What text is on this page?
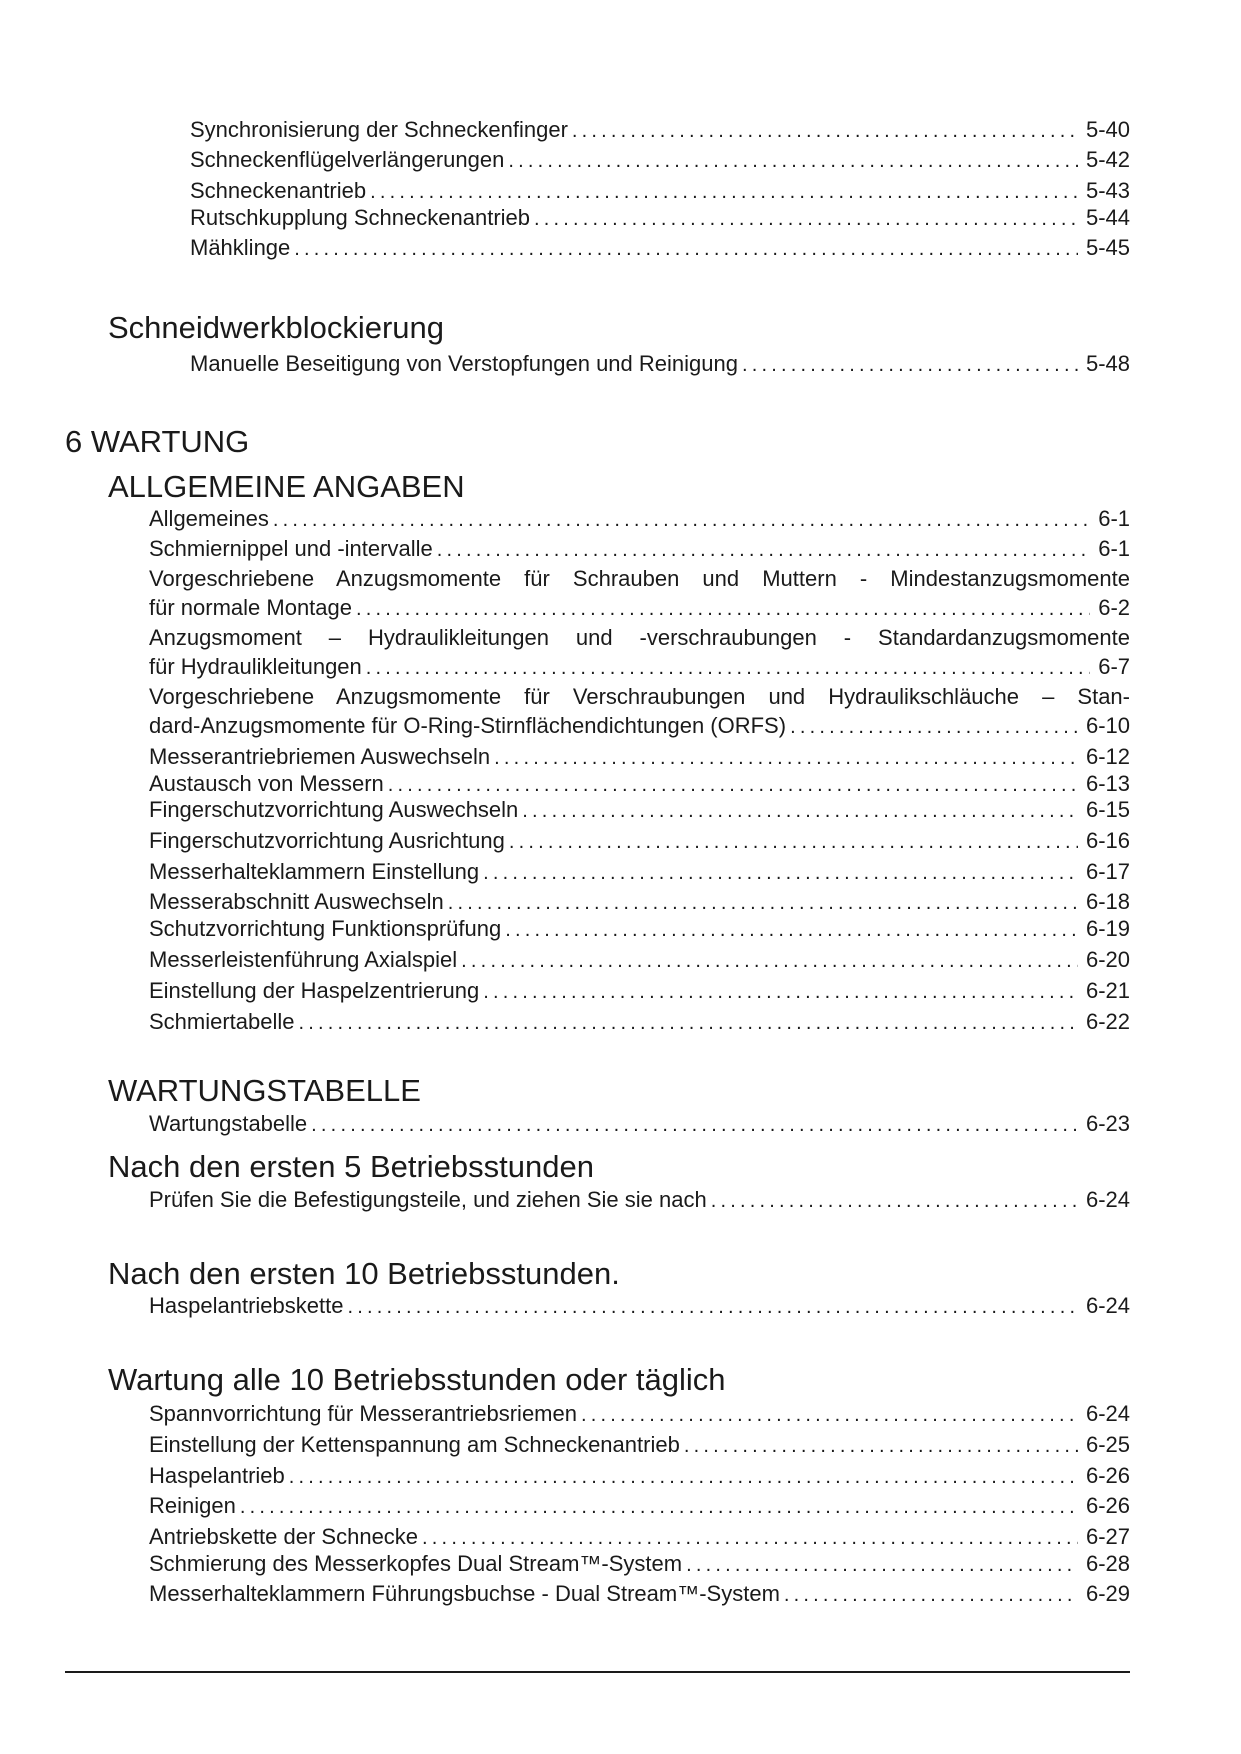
Synchronisierung der Schneckenfinger .....	5-40
Schneckenflügelverlängerungen .....	5-42
Schneckenantrieb .....	5-43
Rutschkupplung Schneckenantrieb .....	5-44
Mähklinge .....	5-45
Schneidwerkblockierung
Manuelle Beseitigung von Verstopfungen und Reinigung .....	5-48
6 WARTUNG
ALLGEMEINE ANGABEN
Allgemeines .....	6-1
Schmiernippel und -intervalle .....	6-1
Vorgeschriebene Anzugsmomente für Schrauben und Muttern - Mindestanzugsmomente
für normale Montage .....	6-2
Anzugsmoment – Hydraulikleitungen und -verschraubungen - Standardanzugsmomente
für Hydraulikleitungen .....	6-7
Vorgeschriebene Anzugsmomente für Verschraubungen und Hydraulikschläuche – Stan-
dard-Anzugsmomente für O-Ring-Stirnflächendichtungen (ORFS) .....	6-10
Messerantriebriemen Auswechseln .....	6-12
Austausch von Messern .....	6-13
Fingerschutzvorrichtung Auswechseln .....	6-15
Fingerschutzvorrichtung Ausrichtung .....	6-16
Messerhalteklammern Einstellung .....	6-17
Messerabschnitt Auswechseln .....	6-18
Schutzvorrichtung Funktionsprüfung .....	6-19
Messerleistenführung Axialspiel .....	6-20
Einstellung der Haspelzentrierung .....	6-21
Schmiertabelle .....	6-22
WARTUNGSTABELLE
Wartungstabelle .....	6-23
Nach den ersten 5 Betriebsstunden
Prüfen Sie die Befestigungsteile, und ziehen Sie sie nach .....	6-24
Nach den ersten 10 Betriebsstunden.
Haspelantriebskette .....	6-24
Wartung alle 10 Betriebsstunden oder täglich
Spannvorrichtung für Messerantriebsriemen .....	6-24
Einstellung der Kettenspannung am Schneckenantrieb .....	6-25
Haspelantrieb .....	6-26
Reinigen .....	6-26
Antriebskette der Schnecke .....	6-27
Schmierung des Messerkopfes Dual Stream™-System .....	6-28
Messerhalteklammern Führungsbuchse - Dual Stream™-System .....	6-29
